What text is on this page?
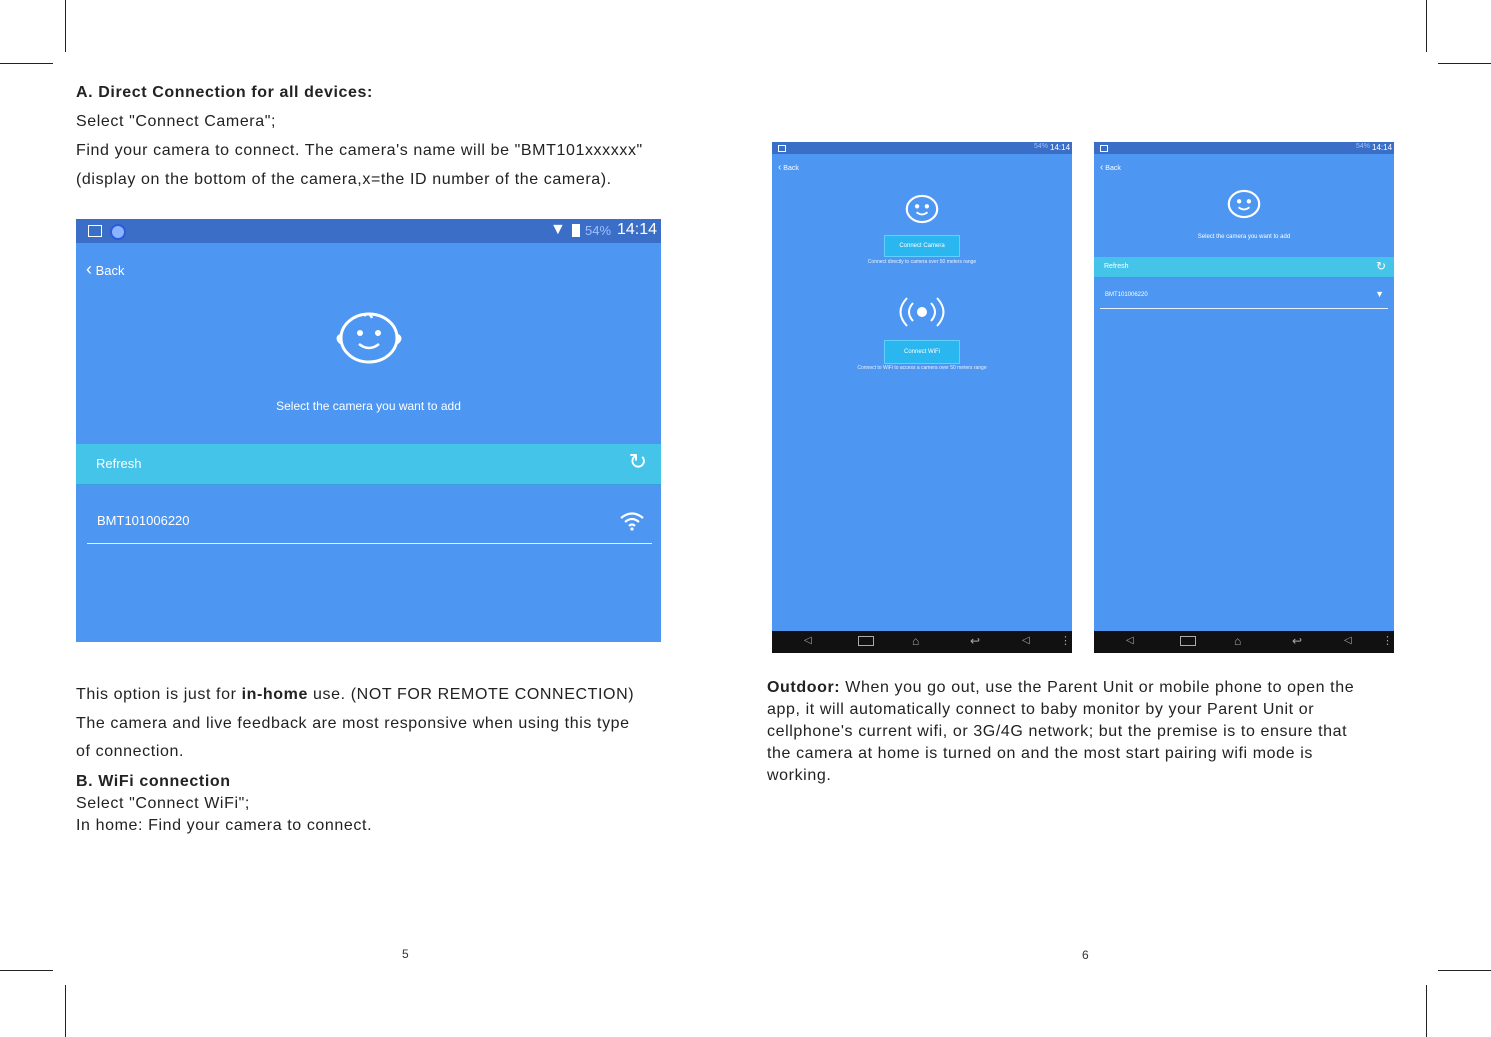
A. Direct Connection for all devices:
Select "Connect Camera";
Find your camera to connect. The camera's name will be "BMT101xxxxxx"
(display on the bottom of the camera,x=the ID number of the camera).
▼ 54% 14:14
‹ Back
Select the camera you want to add
Refresh	↻
BMT101006220
This option is just for in-home use. (NOT FOR REMOTE CONNECTION)
The camera and live feedback are most responsive when using this type
of connection.
B. WiFi connection
Select "Connect WiFi";
In home: Find your camera to connect.
5
54% 14:14
‹ Back
Connect Camera
Connect directly to camera over 50 meters range
Connect WiFi
Connect to WiFi to access a camera over 50 meters range
◁	⌂	↩	◁	⋮
54% 14:14
‹ Back
Select the camera you want to add
Refresh	↻
BMT101006220	▼
◁	⌂	↩	◁	⋮
Outdoor: When you go out, use the Parent Unit or mobile phone to open the
app, it will automatically connect to baby monitor by your Parent Unit or
cellphone's current wifi, or 3G/4G network; but the premise is to ensure that
the camera at home is turned on and the most start pairing wifi mode is
working.
6
